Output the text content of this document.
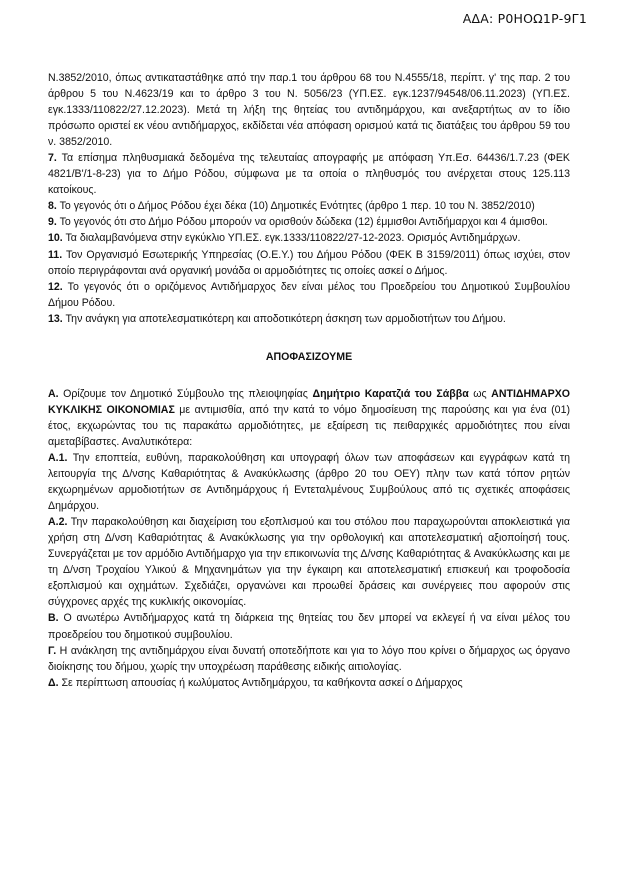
ΑΔΑ: Ρ0ΗΟΩ1Ρ-9Γ1

Ν.3852/2010, όπως αντικαταστάθηκε από την παρ.1 του άρθρου 68 του Ν.4555/18, περίπτ. γ' της παρ. 2 του άρθρου 5 του Ν.4623/19 και το άρθρο 3 του Ν. 5056/23 (ΥΠ.ΕΣ. εγκ.1237/94548/06.11.2023) (ΥΠ.ΕΣ. εγκ.1333/110822/27.12.2023). Μετά τη λήξη της θητείας του αντιδημάρχου, και ανεξαρτήτως αν το ίδιο πρόσωπο οριστεί εκ νέου αντιδήμαρχος, εκδίδεται νέα απόφαση ορισμού κατά τις διατάξεις του άρθρου 59 του ν. 3852/2010.

7. Τα επίσημα πληθυσμιακά δεδομένα της τελευταίας απογραφής με απόφαση Υπ.Εσ. 64436/1.7.23 (ΦΕΚ 4821/Β'/1-8-23) για το Δήμο Ρόδου, σύμφωνα με τα οποία ο πληθυσμός του ανέρχεται στους 125.113 κατοίκους.

8. Το γεγονός ότι ο Δήμος Ρόδου έχει δέκα (10) Δημοτικές Ενότητες (άρθρο 1 περ. 10 του Ν. 3852/2010)

9. Το γεγονός ότι στο Δήμο Ρόδου μπορούν να ορισθούν δώδεκα (12) έμμισθοι Αντιδήμαρχοι και 4 άμισθοι.

10. Τα διαλαμβανόμενα στην εγκύκλιο ΥΠ.ΕΣ. εγκ.1333/110822/27-12-2023. Ορισμός Αντιδημάρχων.

11. Τον Οργανισμό Εσωτερικής Υπηρεσίας (Ο.Ε.Υ.) του Δήμου Ρόδου (ΦΕΚ Β 3159/2011) όπως ισχύει, στον οποίο περιγράφονται ανά οργανική μονάδα οι αρμοδιότητες τις οποίες ασκεί ο Δήμος.

12. Το γεγονός ότι ο οριζόμενος Αντιδήμαρχος δεν είναι μέλος του Προεδρείου του Δημοτικού Συμβουλίου Δήμου Ρόδου.

13. Την ανάγκη για αποτελεσματικότερη και αποδοτικότερη άσκηση των αρμοδιοτήτων του Δήμου.

ΑΠΟΦΑΣΙΖΟΥΜΕ

Α. Ορίζουμε τον Δημοτικό Σύμβουλο της πλειοψηφίας Δημήτριο Καρατζιά του Σάββα ως ΑΝΤΙΔΗΜΑΡΧΟ ΚΥΚΛΙΚΗΣ ΟΙΚΟΝΟΜΙΑΣ με αντιμισθία, από την κατά το νόμο δημοσίευση της παρούσης και για ένα (01) έτος, εκχωρώντας του τις παρακάτω αρμοδιότητες, με εξαίρεση τις πειθαρχικές αρμοδιότητες που είναι αμεταβίβαστες. Αναλυτικότερα:

Α.1. Την εποπτεία, ευθύνη, παρακολούθηση και υπογραφή όλων των αποφάσεων και εγγράφων κατά τη λειτουργία της Δ/νσης Καθαριότητας & Ανακύκλωσης (άρθρο 20 του ΟΕΥ) πλην των κατά τόπον ρητών εκχωρημένων αρμοδιοτήτων σε Αντιδημάρχους ή Εντεταλμένους Συμβούλους από τις σχετικές αποφάσεις Δημάρχου.

Α.2. Την παρακολούθηση και διαχείριση του εξοπλισμού και του στόλου που παραχωρούνται αποκλειστικά για χρήση στη Δ/νση Καθαριότητας & Ανακύκλωσης για την ορθολογική και αποτελεσματική αξιοποίησή τους. Συνεργάζεται με τον αρμόδιο Αντιδήμαρχο για την επικοινωνία της Δ/νσης Καθαριότητας & Ανακύκλωσης και με τη Δ/νση Τροχαίου Υλικού & Μηχανημάτων για την έγκαιρη και αποτελεσματική επισκευή και τροφοδοσία εξοπλισμού και οχημάτων. Σχεδιάζει, οργανώνει και προωθεί δράσεις και συνέργειες που αφορούν στις σύγχρονες αρχές της κυκλικής οικονομίας.

Β. Ο ανωτέρω Αντιδήμαρχος κατά τη διάρκεια της θητείας του δεν μπορεί να εκλεγεί ή να είναι μέλος του προεδρείου του δημοτικού συμβουλίου.

Γ. Η ανάκληση της αντιδημάρχου είναι δυνατή οποτεδήποτε και για το λόγο που κρίνει ο δήμαρχος ως όργανο διοίκησης του δήμου, χωρίς την υποχρέωση παράθεσης ειδικής αιτιολογίας.

Δ. Σε περίπτωση απουσίας ή κωλύματος Αντιδημάρχου, τα καθήκοντα ασκεί ο Δήμαρχος
